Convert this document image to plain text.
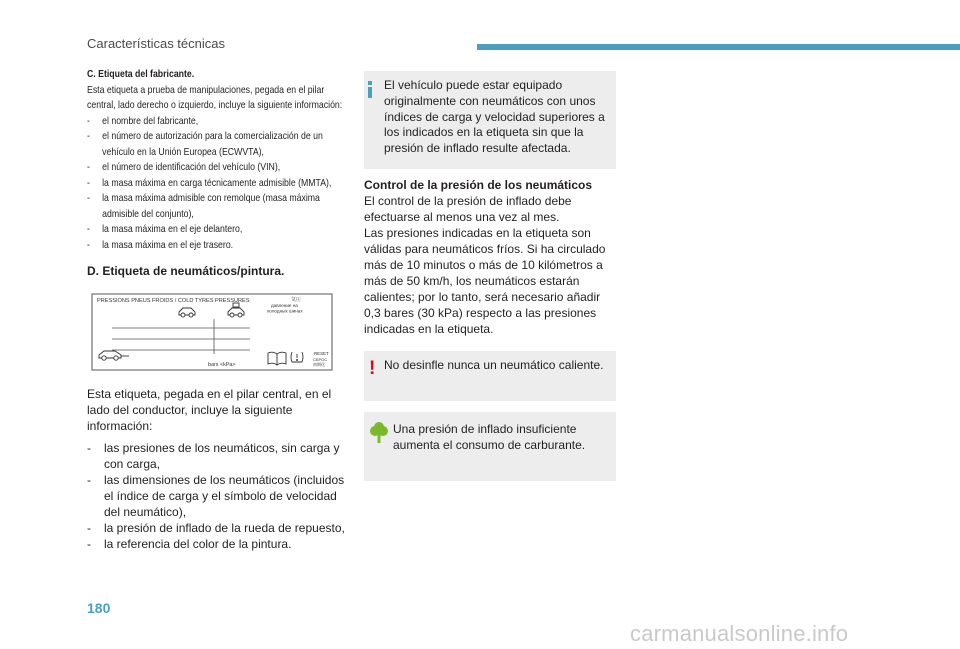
Características técnicas
C. Etiqueta del fabricante.
Esta etiqueta a prueba de manipulaciones, pegada en el pilar central, lado derecho o izquierdo, incluye la siguiente información:
- el nombre del fabricante,
- el número de autorización para la comercialización de un vehículo en la Unión Europea (ECWVTA),
- el número de identificación del vehículo (VIN),
- la masa máxima en carga técnicamente admisible (MMTA),
- la masa máxima admisible con remolque (masa máxima admisible del conjunto),
- la masa máxima en el eje delantero,
- la masa máxima en el eje trasero.
D. Etiqueta de neumáticos/pintura.
PRESSIONS PNEUS FROIDS / COLD TYRES PRESSURES	気圧
давление на
холодных шинах
bars <kPa>
RESET
СБРОС
初期化

Esta etiqueta, pegada en el pilar central, en el lado del conductor, incluye la siguiente información:

- las presiones de los neumáticos, sin carga y con carga,
- las dimensiones de los neumáticos (incluidos el índice de carga y el símbolo de velocidad del neumático),
- la presión de inflado de la rueda de repuesto,
- la referencia del color de la pintura.
El vehículo puede estar equipado originalmente con neumáticos con unos índices de carga y velocidad superiores a los indicados en la etiqueta sin que la presión de inflado resulte afectada.
Control de la presión de los neumáticos
El control de la presión de inflado debe efectuarse al menos una vez al mes.
Las presiones indicadas en la etiqueta son válidas para neumáticos fríos. Si ha circulado más de 10 minutos o más de 10 kilómetros a más de 50 km/h, los neumáticos estarán calientes; por lo tanto, será necesario añadir 0,3 bares (30 kPa) respecto a las presiones indicadas en la etiqueta.
! No desinfle nunca un neumático caliente.
Una presión de inflado insuficiente aumenta el consumo de carburante.
180
carmanualsonline.info
